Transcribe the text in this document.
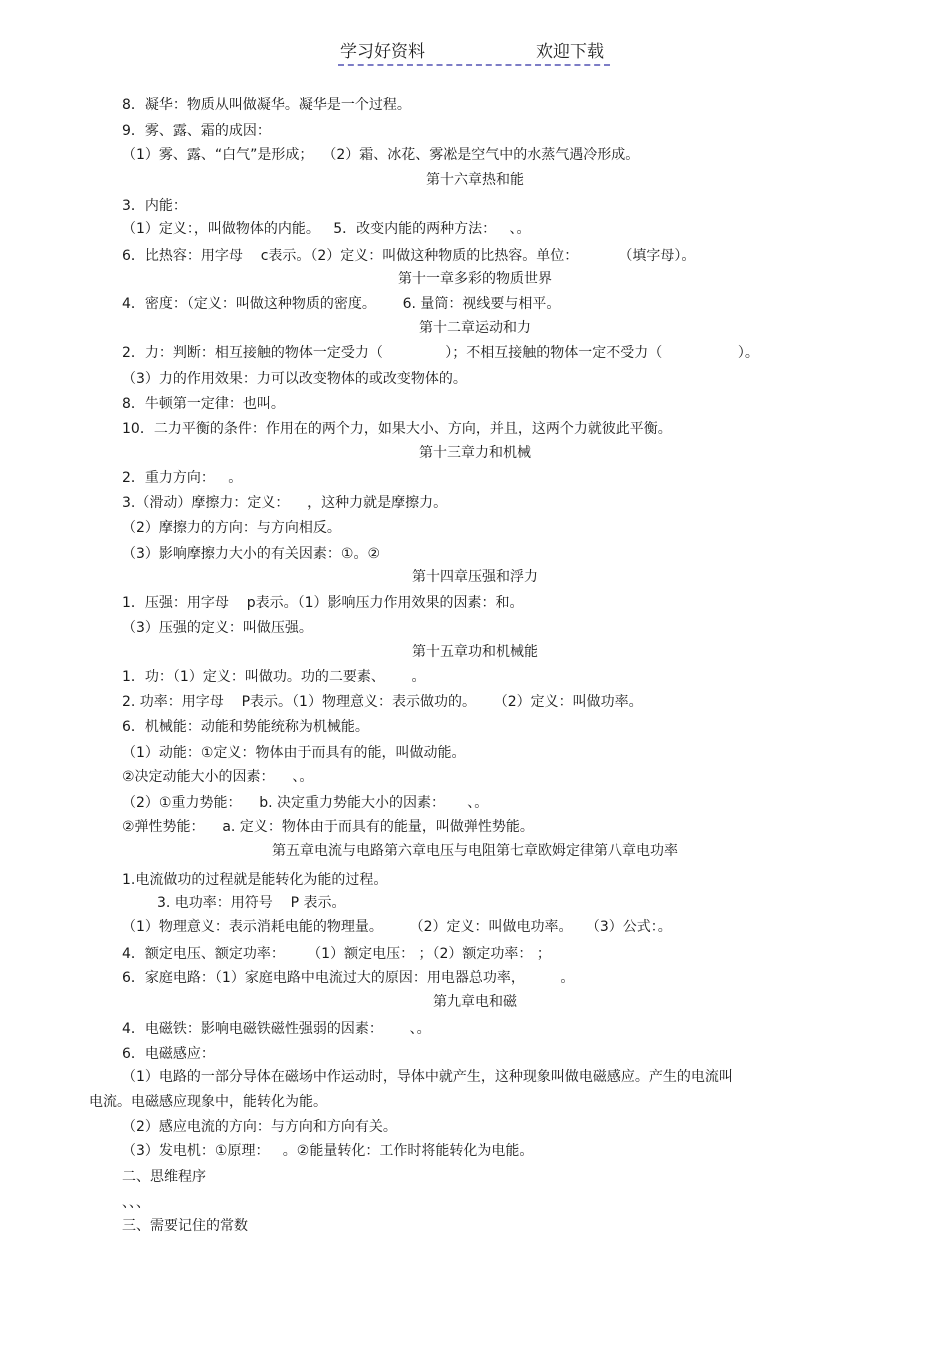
学习好资料	欢迎下载
8．凝华：物质从叫做凝华。凝华是一个过程。
9．雾、露、霜的成因：
（1）雾、露、“白气”是形成；  （2）霜、冰花、雾凇是空气中的水蒸气遇冷形成。
第十六章热和能
3．内能：
（1）定义：，叫做物体的内能。   5．改变内能的两种方法：   、。
6．比热容：用字母    c表示。（2）定义：叫做这种物质的比热容。单位：         （填字母）。
第十一章多彩的物质世界
4．密度：（定义：叫做这种物质的密度。      6. 量筒：视线要与相平。
第十二章运动和力
2．力：判断：相互接触的物体一定受力（              ）；不相互接触的物体一定不受力（                 ）。
（3）力的作用效果：力可以改变物体的或改变物体的。
8．牛顿第一定律：也叫。
10．二力平衡的条件：作用在的两个力，如果大小、方向，并且，这两个力就彼此平衡。
第十三章力和机械
2．重力方向：   。
3.（滑动）摩擦力：定义：    ，这种力就是摩擦力。
（2）摩擦力的方向：与方向相反。
（3）影响摩擦力大小的有关因素：①。②
第十四章压强和浮力
1．压强：用字母    p表示。（1）影响压力作用效果的因素：和。
（3）压强的定义：叫做压强。
第十五章功和机械能
1．功：（1）定义：叫做功。功的二要素、      。
2. 功率：用字母    P表示。（1）物理意义：表示做功的。    （2）定义：叫做功率。
6．机械能：动能和势能统称为机械能。
（1）动能：①定义：物体由于而具有的能，叫做动能。
②决定动能大小的因素：    、。
（2）①重力势能：    b. 决定重力势能大小的因素：     、。
②弹性势能：    a. 定义：物体由于而具有的能量，叫做弹性势能。
第五章电流与电路第六章电压与电阻第七章欧姆定律第八章电功率
1.电流做功的过程就是能转化为能的过程。
3. 电功率：用符号    P 表示。
（1）物理意义：表示消耗电能的物理量。      （2）定义：叫做电功率。   （3）公式：。
4．额定电压、额定功率：     （1）额定电压： ；（2）额定功率： ；
6．家庭电路：（1）家庭电路中电流过大的原因：用电器总功率，        。
第九章电和磁
4．电磁铁：影响电磁铁磁性强弱的因素：      、。
6．电磁感应：
（1）电路的一部分导体在磁场中作运动时，导体中就产生，这种现象叫做电磁感应。产生的电流叫
电流。电磁感应现象中，能转化为能。
（2）感应电流的方向：与方向和方向有关。
（3）发电机：①原理：   。②能量转化：工作时将能转化为电能。
二、思维程序
、、、
三、需要记住的常数
